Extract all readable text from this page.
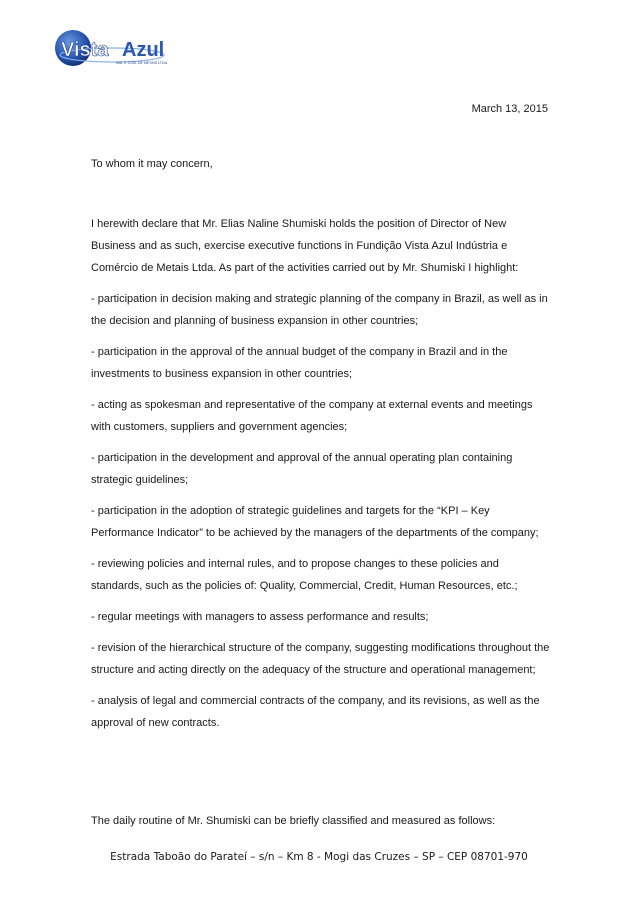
Vista Azul
IND. E COM. DE METAIS LTDA.
March 13, 2015
To whom it may concern,

I herewith declare that Mr. Elias Naline Shumiski holds the position of Director of New Business and as such, exercise executive functions in Fundição Vista Azul Indústria e Comércio de Metais Ltda. As part of the activities carried out by Mr. Shumiski I highlight:

- participation in decision making and strategic planning of the company in Brazil, as well as in the decision and planning of business expansion in other countries;

- participation in the approval of the annual budget of the company in Brazil and in the investments to business expansion in other countries;

- acting as spokesman and representative of the company at external events and meetings with customers, suppliers and government agencies;

- participation in the development and approval of the annual operating plan containing strategic guidelines;

- participation in the adoption of strategic guidelines and targets for the “KPI – Key Performance Indicator” to be achieved by the managers of the departments of the company;

- reviewing policies and internal rules, and to propose changes to these policies and standards, such as the policies of: Quality, Commercial, Credit, Human Resources, etc.;

- regular meetings with managers to assess performance and results;

- revision of the hierarchical structure of the company, suggesting modifications throughout the structure and acting directly on the adequacy of the structure and operational management;

- analysis of legal and commercial contracts of the company, and its revisions, as well as the approval of new contracts.

The daily routine of Mr. Shumiski can be briefly classified and measured as follows:
Estrada Taboão do Parateí – s/n – Km 8 - Mogi das Cruzes – SP – CEP 08701-970
